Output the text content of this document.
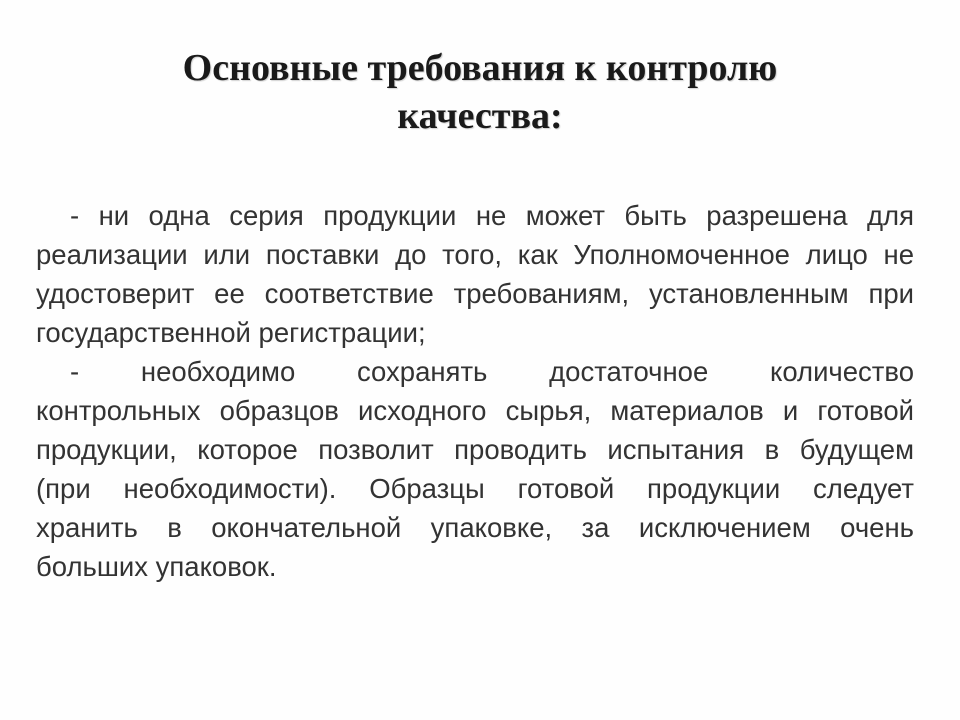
Основные требования к контролю
качества:
- ни одна серия продукции не может быть разрешена для
реализации или поставки до того, как Уполномоченное лицо не
удостоверит ее соответствие требованиям, установленным при
государственной регистрации;
- необходимо сохранять достаточное количество
контрольных образцов исходного сырья, материалов и готовой
продукции, которое позволит проводить испытания в будущем
(при необходимости). Образцы готовой продукции следует
хранить в окончательной упаковке, за исключением очень
больших упаковок.
